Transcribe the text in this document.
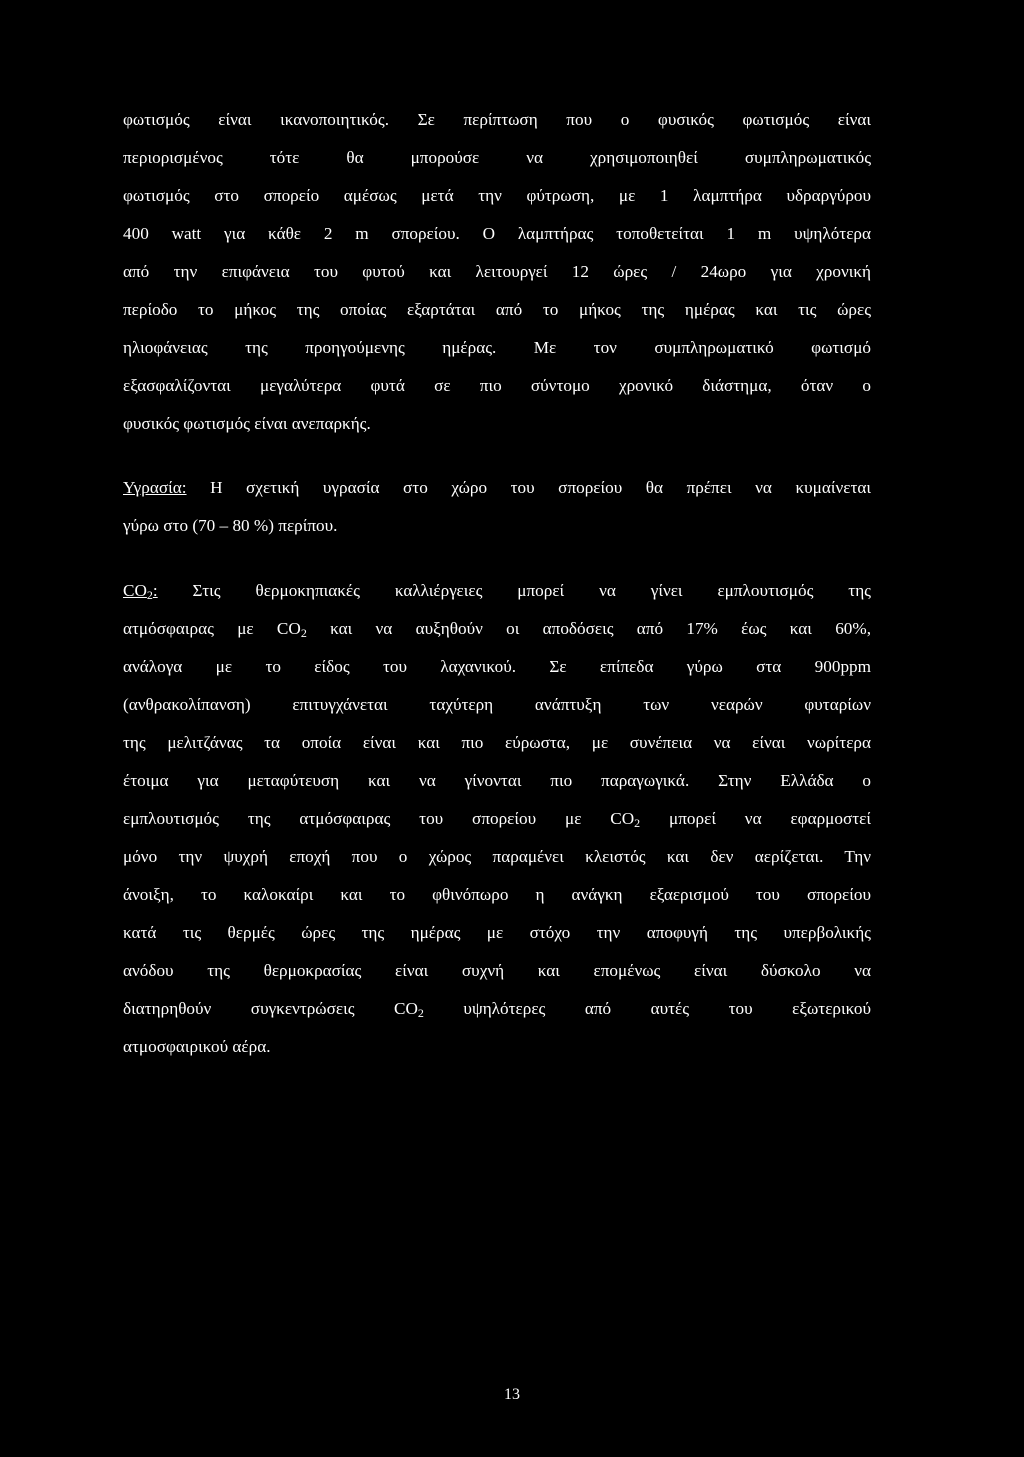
φωτισμός είναι ικανοποιητικός. Σε περίπτωση που ο φυσικός φωτισμός είναι
περιορισμένος τότε θα μπορούσε να χρησιμοποιηθεί συμπληρωματικός
φωτισμός στο σπορείο αμέσως μετά την φύτρωση, με 1 λαμπτήρα υδραργύρου
400 watt για κάθε 2 m σπορείου. Ο λαμπτήρας τοποθετείται 1 m υψηλότερα
από την επιφάνεια του φυτού και λειτουργεί 12 ώρες / 24ωρο για χρονική
περίοδο το μήκος της οποίας εξαρτάται από το μήκος της ημέρας και τις ώρες
ηλιοφάνειας της προηγούμενης ημέρας. Με τον συμπληρωματικό φωτισμό
εξασφαλίζονται μεγαλύτερα φυτά σε πιο σύντομο χρονικό διάστημα, όταν ο
φυσικός φωτισμός είναι ανεπαρκής.
Υγρασία: Η σχετική υγρασία στο χώρο του σπορείου θα πρέπει να κυμαίνεται
γύρω στο (70 – 80 %) περίπου.
$CO_2$: Στις θερμοκηπιακές καλλιέργειες μπορεί να γίνει εμπλουτισμός της
ατμόσφαιρας με $CO_2$ και να αυξηθούν οι αποδόσεις από 17% έως και 60%,
ανάλογα με το είδος του λαχανικού. Σε επίπεδα γύρω στα 900ppm
(ανθρακολίπανση) επιτυγχάνεται ταχύτερη ανάπτυξη των νεαρών φυταρίων
της μελιτζάνας τα οποία είναι και πιο εύρωστα, με συνέπεια να είναι νωρίτερα
έτοιμα για μεταφύτευση και να γίνονται πιο παραγωγικά. Στην Ελλάδα ο
εμπλουτισμός της ατμόσφαιρας του σπορείου με $CO_2$ μπορεί να εφαρμοστεί
μόνο την ψυχρή εποχή που ο χώρος παραμένει κλειστός και δεν αερίζεται. Την
άνοιξη, το καλοκαίρι και το φθινόπωρο η ανάγκη εξαερισμού του σπορείου
κατά τις θερμές ώρες της ημέρας με στόχο την αποφυγή της υπερβολικής
ανόδου της θερμοκρασίας είναι συχνή και επομένως είναι δύσκολο να
διατηρηθούν συγκεντρώσεις $CO_2$ υψηλότερες από αυτές του εξωτερικού
ατμοσφαιρικού αέρα.
13
